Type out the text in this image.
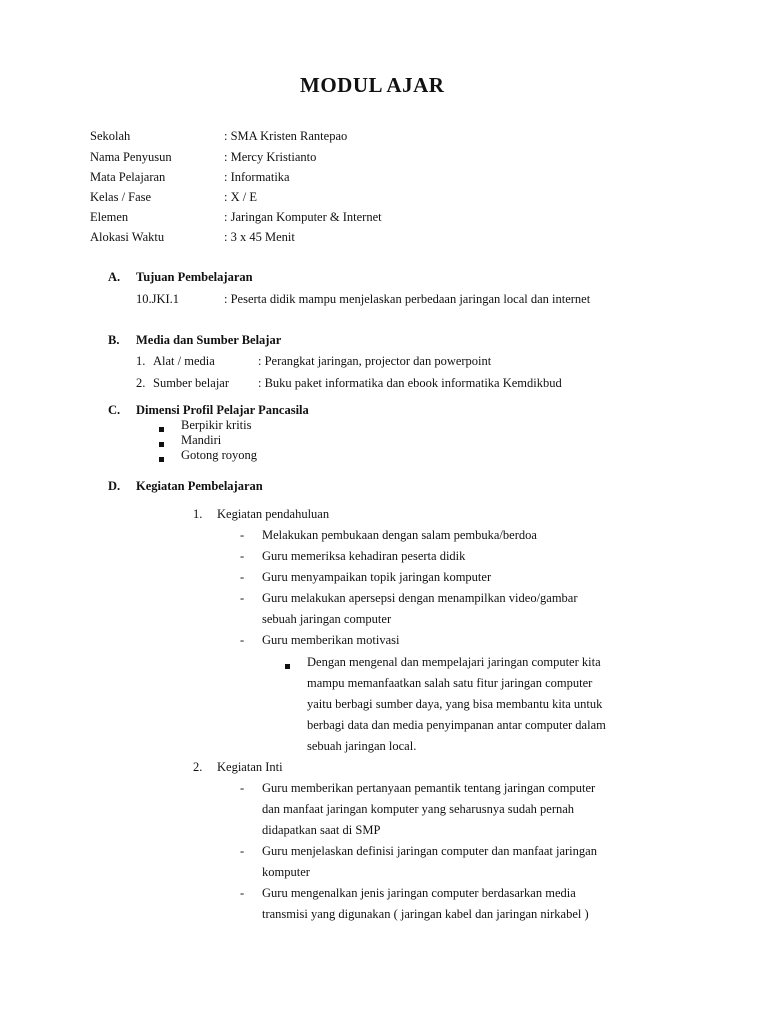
MODUL AJAR
Sekolah	: SMA Kristen Rantepao
Nama Penyusun	: Mercy Kristianto
Mata Pelajaran	: Informatika
Kelas / Fase	: X / E
Elemen	: Jaringan Komputer & Internet
Alokasi Waktu	: 3 x 45 Menit
A. Tujuan Pembelajaran
10.JKI.1	: Peserta didik mampu menjelaskan perbedaan jaringan local dan internet
B. Media dan Sumber Belajar
1. Alat / media	: Perangkat jaringan, projector dan powerpoint
2. Sumber belajar : Buku paket informatika dan ebook informatika Kemdikbud
C. Dimensi Profil Pelajar Pancasila
Berpikir kritis
Mandiri
Gotong royong
D. Kegiatan Pembelajaran
1. Kegiatan pendahuluan
- Melakukan pembukaan dengan salam pembuka/berdoa
- Guru memeriksa kehadiran peserta didik
- Guru menyampaikan topik jaringan komputer
- Guru melakukan apersepsi dengan menampilkan video/gambar
sebuah jaringan computer
- Guru memberikan motivasi
Dengan mengenal dan mempelajari jaringan computer kita
mampu memanfaatkan salah satu fitur jaringan computer
yaitu berbagi sumber daya, yang bisa membantu kita untuk
berbagi data dan media penyimpanan antar computer dalam
sebuah jaringan local.
2. Kegiatan Inti
- Guru memberikan pertanyaan pemantik tentang jaringan computer
dan manfaat jaringan komputer yang seharusnya sudah pernah
didapatkan saat di SMP
- Guru menjelaskan definisi jaringan computer dan manfaat jaringan
komputer
- Guru mengenalkan jenis jaringan computer berdasarkan media
transmisi yang digunakan ( jaringan kabel dan jaringan nirkabel )
